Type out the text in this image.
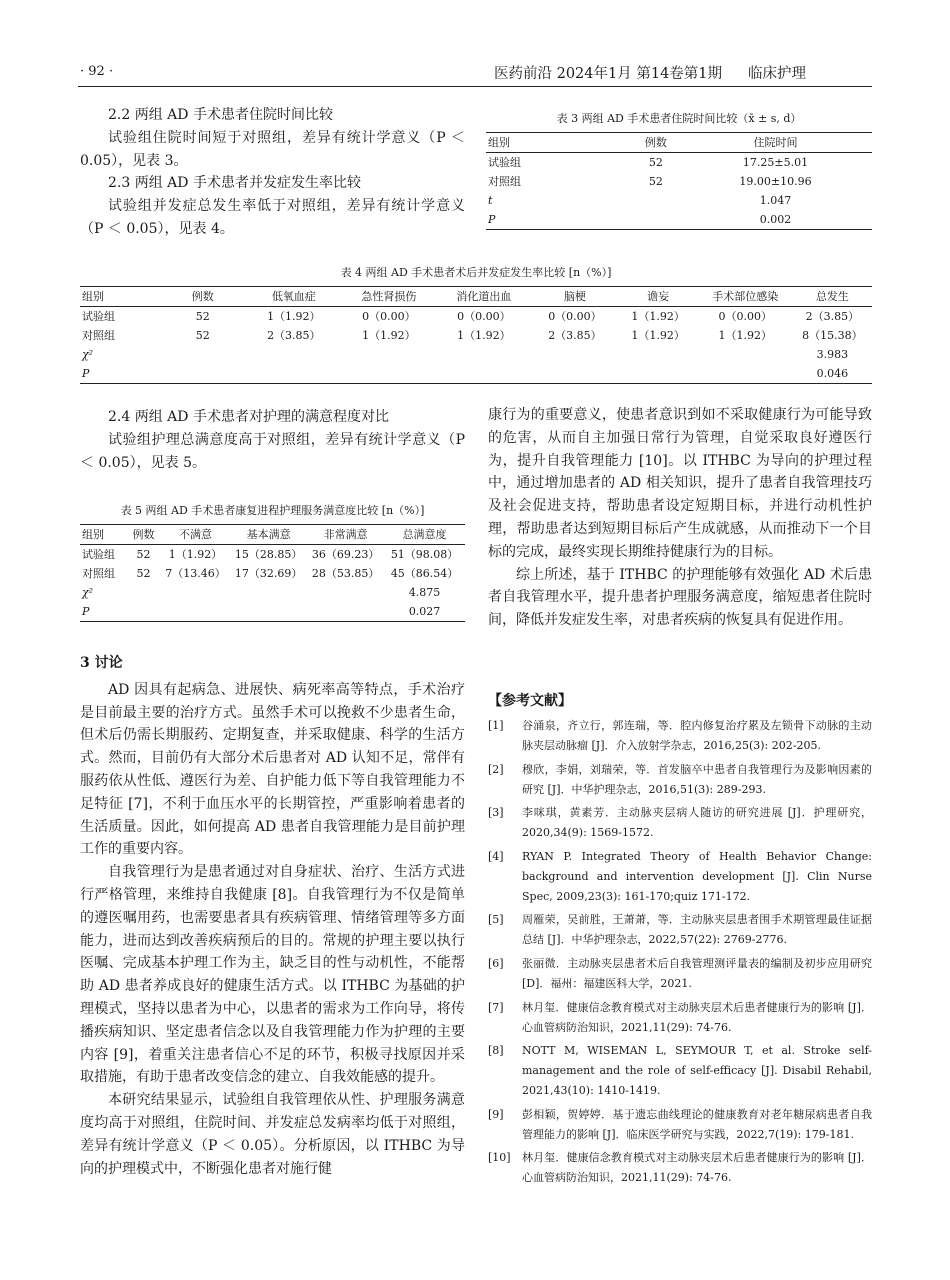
· 92 ·	医药前沿 2024年1月 第14卷第1期 临床护理

2.2 两组 AD 手术患者住院时间比较

试验组住院时间短于对照组，差异有统计学意义（P ＜ 0.05），见表 3。

2.3 两组 AD 手术患者并发症发生率比较

试验组并发症总发生率低于对照组，差异有统计学意义（P ＜ 0.05），见表 4。

表 3 两组 AD 手术患者住院时间比较（x̄ ± s, d）
组别	例数	住院时间
试验组	52	17.25±5.01
对照组	52	19.00±10.96
t		1.047
P		0.002
表 4 两组 AD 手术患者术后并发症发生率比较 [n（%）]
组别	例数	低氧血症	急性肾损伤	消化道出血	脑梗	谵妄	手术部位感染	总发生
试验组	52	1（1.92）	0（0.00）	0（0.00）	0（0.00）	1（1.92）	0（0.00）	2（3.85）
对照组	52	2（3.85）	1（1.92）	1（1.92）	2（3.85）	1（1.92）	1（1.92）	8（15.38）
χ²								3.983
P								0.046

2.4 两组 AD 手术患者对护理的满意程度对比

试验组护理总满意度高于对照组，差异有统计学意义（P ＜ 0.05），见表 5。

表 5 两组 AD 手术患者康复进程护理服务满意度比较 [n（%）]
组别	例数	不满意	基本满意	非常满意	总满意度
试验组	52	1（1.92）	15（28.85）	36（69.23）	51（98.08）
对照组	52	7（13.46）	17（32.69）	28（53.85）	45（86.54）
χ²					4.875
P					0.027

3 讨论

AD 因具有起病急、进展快、病死率高等特点，手术治疗是目前最主要的治疗方式。虽然手术可以挽救不少患者生命，但术后仍需长期服药、定期复查，并采取健康、科学的生活方式。然而，目前仍有大部分术后患者对 AD 认知不足，常伴有服药依从性低、遵医行为差、自护能力低下等自我管理能力不足特征 [7]，不利于血压水平的长期管控，严重影响着患者的生活质量。因此，如何提高 AD 患者自我管理能力是目前护理工作的重要内容。

自我管理行为是患者通过对自身症状、治疗、生活方式进行严格管理，来维持自我健康 [8]。自我管理行为不仅是简单的遵医嘱用药，也需要患者具有疾病管理、情绪管理等多方面能力，进而达到改善疾病预后的目的。常规的护理主要以执行医嘱、完成基本护理工作为主，缺乏目的性与动机性，不能帮助 AD 患者养成良好的健康生活方式。以 ITHBC 为基础的护理模式，坚持以患者为中心，以患者的需求为工作向导，将传播疾病知识、坚定患者信念以及自我管理能力作为护理的主要内容 [9]，着重关注患者信心不足的环节，积极寻找原因并采取措施，有助于患者改变信念的建立、自我效能感的提升。

本研究结果显示，试验组自我管理依从性、护理服务满意度均高于对照组，住院时间、并发症总发病率均低于对照组，差异有统计学意义（P ＜ 0.05）。分析原因，以 ITHBC 为导向的护理模式中，不断强化患者对施行健

康行为的重要意义，使患者意识到如不采取健康行为可能导致的危害，从而自主加强日常行为管理，自觉采取良好遵医行为，提升自我管理能力 [10]。以 ITHBC 为导向的护理过程中，通过增加患者的 AD 相关知识，提升了患者自我管理技巧及社会促进支持，帮助患者设定短期目标，并进行动机性护理，帮助患者达到短期目标后产生成就感，从而推动下一个目标的完成，最终实现长期维持健康行为的目标。

综上所述，基于 ITHBC 的护理能够有效强化 AD 术后患者自我管理水平，提升患者护理服务满意度，缩短患者住院时间，降低并发症发生率，对患者疾病的恢复具有促进作用。

【参考文献】

[1]	谷涌泉，齐立行，郭连瑞，等．腔内修复治疗累及左锁骨下动脉的主动脉夹层动脉瘤 [J]．介入放射学杂志，2016,25(3): 202-205.
[2]	穆欣，李娟，刘瑞荣，等．首发脑卒中患者自我管理行为及影响因素的研究 [J]．中华护理杂志，2016,51(3): 289-293.
[3]	李咪琪，黄素芳．主动脉夹层病人随访的研究进展 [J]．护理研究，2020,34(9): 1569-1572.
[4]	RYAN P. Integrated Theory of Health Behavior Change: background and intervention development [J]. Clin Nurse Spec, 2009,23(3): 161-170;quiz 171-172.
[5]	周雁荣，吴前胜，王萧萧，等．主动脉夹层患者围手术期管理最佳证据总结 [J]．中华护理杂志，2022,57(22): 2769-2776.
[6]	张丽微．主动脉夹层患者术后自我管理测评量表的编制及初步应用研究 [D]．福州：福建医科大学，2021.
[7]	林月玺．健康信念教育模式对主动脉夹层术后患者健康行为的影响 [J]．心血管病防治知识，2021,11(29): 74-76.
[8]	NOTT M, WISEMAN L, SEYMOUR T, et al. Stroke self-management and the role of self-efficacy [J]. Disabil Rehabil, 2021,43(10): 1410-1419.
[9]	彭相颖，贺婷婷．基于遗忘曲线理论的健康教育对老年糖尿病患者自我管理能力的影响 [J]．临床医学研究与实践，2022,7(19): 179-181.
[10]	林月玺．健康信念教育模式对主动脉夹层术后患者健康行为的影响 [J]．心血管病防治知识，2021,11(29): 74-76.
